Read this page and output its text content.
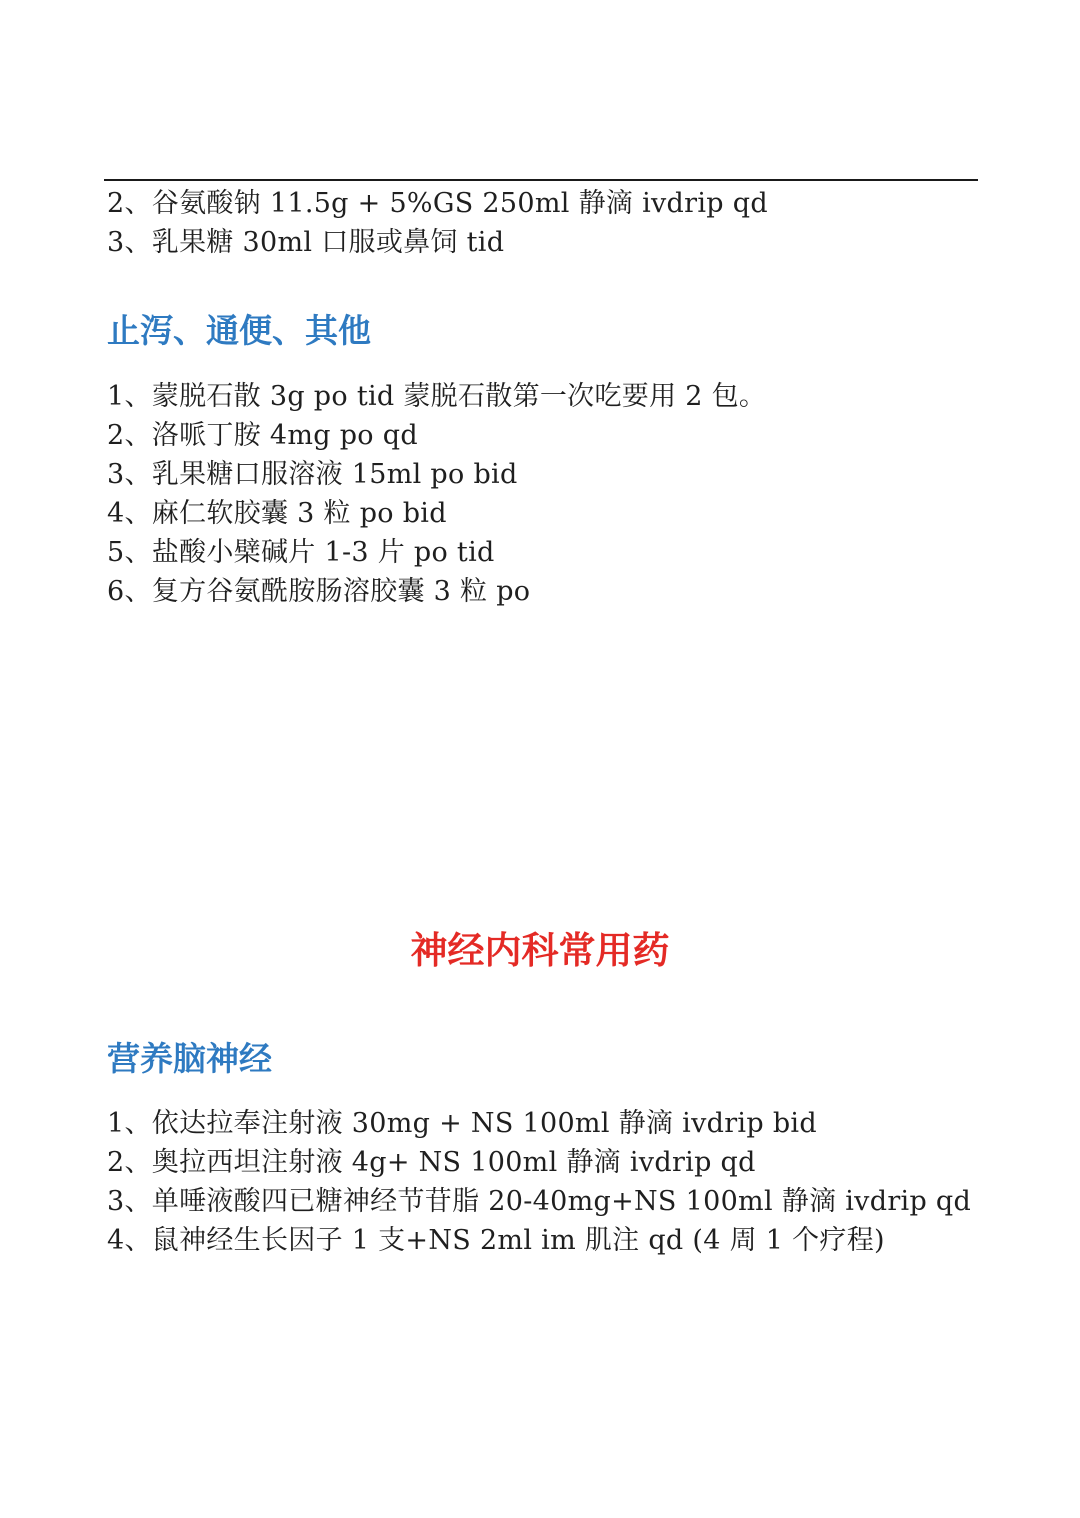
2、谷氨酸钠 11.5g + 5%GS 250ml 静滴 ivdrip qd
3、乳果糖 30ml 口服或鼻饲 tid
止泻、通便、其他
1、蒙脱石散 3g po tid 蒙脱石散第一次吃要用 2 包。
2、洛哌丁胺 4mg po qd
3、乳果糖口服溶液 15ml po bid
4、麻仁软胶囊 3 粒 po bid
5、盐酸小檗碱片 1-3 片 po tid
6、复方谷氨酰胺肠溶胶囊 3 粒 po
神经内科常用药
营养脑神经
1、依达拉奉注射液 30mg + NS 100ml 静滴 ivdrip bid
2、奥拉西坦注射液 4g+ NS 100ml 静滴 ivdrip qd
3、单唾液酸四已糖神经节苷脂 20-40mg+NS 100ml 静滴 ivdrip qd
4、鼠神经生长因子 1 支+NS 2ml im 肌注 qd (4 周 1 个疗程)
